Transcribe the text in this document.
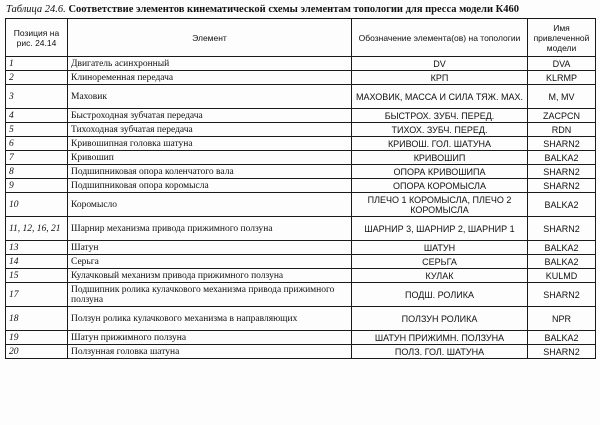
Таблица 24.6. Соответствие элементов кинематической схемы элементам топологии для пресса модели К460
Позиция на рис. 24.14	Элемент	Обозначение элемента(ов) на топологии	Имя привлеченной модели
1	Двигатель асинхронный	DV	DVA
2	Клиноременная передача	КРП	KLRMP
3	Маховик	МАХОВИК, МАССА И СИЛА ТЯЖ. МАХ.	M, MV
4	Быстроходная зубчатая передача	БЫСТРОХ. ЗУБЧ. ПЕРЕД.	ZACPCN
5	Тихоходная зубчатая передача	ТИХОХ. ЗУБЧ. ПЕРЕД.	RDN
6	Кривошипная головка шатуна	КРИВОШ. ГОЛ. ШАТУНА	SHARN2
7	Кривошип	КРИВОШИП	BALKA2
8	Подшипниковая опора коленчатого вала	ОПОРА КРИВОШИПА	SHARN2
9	Подшипниковая опора коромысла	ОПОРА КОРОМЫСЛА	SHARN2
10	Коромысло	ПЛЕЧО 1 КОРОМЫСЛА, ПЛЕЧО 2 КОРОМЫСЛА	BALKA2
11, 12, 16, 21	Шарнир механизма привода прижимного ползуна	ШАРНИР 3, ШАРНИР 2, ШАРНИР 1	SHARN2
13	Шатун	ШАТУН	BALKA2
14	Серьга	СЕРЬГА	BALKA2
15	Кулачковый механизм привода прижимного ползуна	КУЛАК	KULMD
17	Подшипник ролика кулачкового механизма привода прижимного ползуна	ПОДШ. РОЛИКА	SHARN2
18	Ползун ролика кулачкового механизма в направляющих	ПОЛЗУН РОЛИКА	NPR
19	Шатун прижимного ползуна	ШАТУН ПРИЖИМН. ПОЛЗУНА	BALKA2
20	Ползунная головка шатуна	ПОЛЗ. ГОЛ. ШАТУНА	SHARN2
